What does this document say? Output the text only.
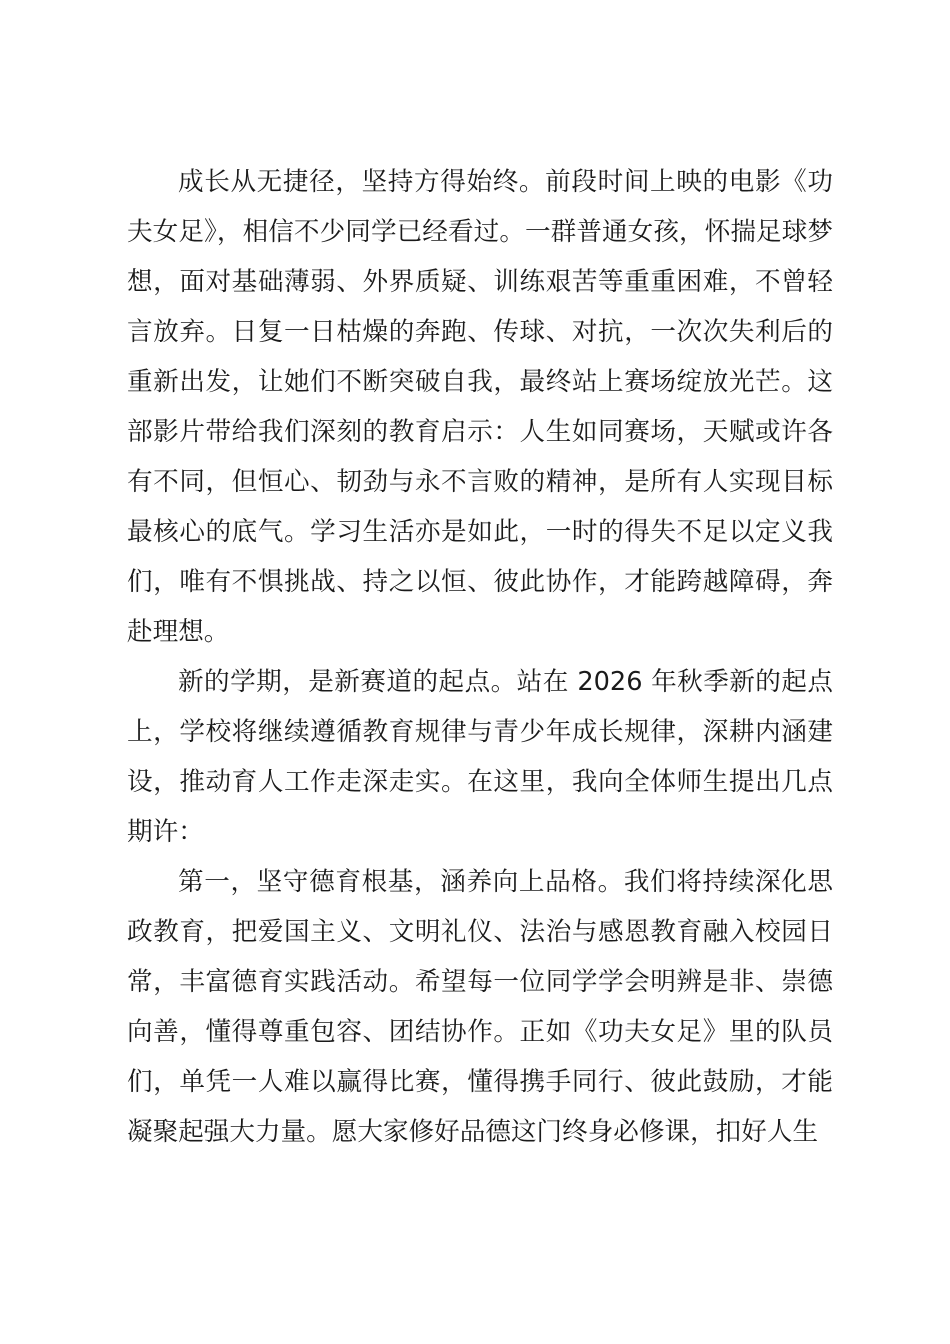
成长从无捷径，坚持方得始终。前段时间上映的电影《功夫女足》，相信不少同学已经看过。一群普通女孩，怀揣足球梦想，面对基础薄弱、外界质疑、训练艰苦等重重困难，不曾轻言放弃。日复一日枯燥的奔跑、传球、对抗，一次次失利后的重新出发，让她们不断突破自我，最终站上赛场绽放光芒。这部影片带给我们深刻的教育启示：人生如同赛场，天赋或许各有不同，但恒心、韧劲与永不言败的精神，是所有人实现目标最核心的底气。学习生活亦是如此，一时的得失不足以定义我们，唯有不惧挑战、持之以恒、彼此协作，才能跨越障碍，奔赴理想。

新的学期，是新赛道的起点。站在 2026 年秋季新的起点上，学校将继续遵循教育规律与青少年成长规律，深耕内涵建设，推动育人工作走深走实。在这里，我向全体师生提出几点期许：

第一，坚守德育根基，涵养向上品格。我们将持续深化思政教育，把爱国主义、文明礼仪、法治与感恩教育融入校园日常，丰富德育实践活动。希望每一位同学学会明辨是非、崇德向善，懂得尊重包容、团结协作。正如《功夫女足》里的队员们，单凭一人难以赢得比赛，懂得携手同行、彼此鼓励，才能凝聚起强大力量。愿大家修好品德这门终身必修课，扣好人生
